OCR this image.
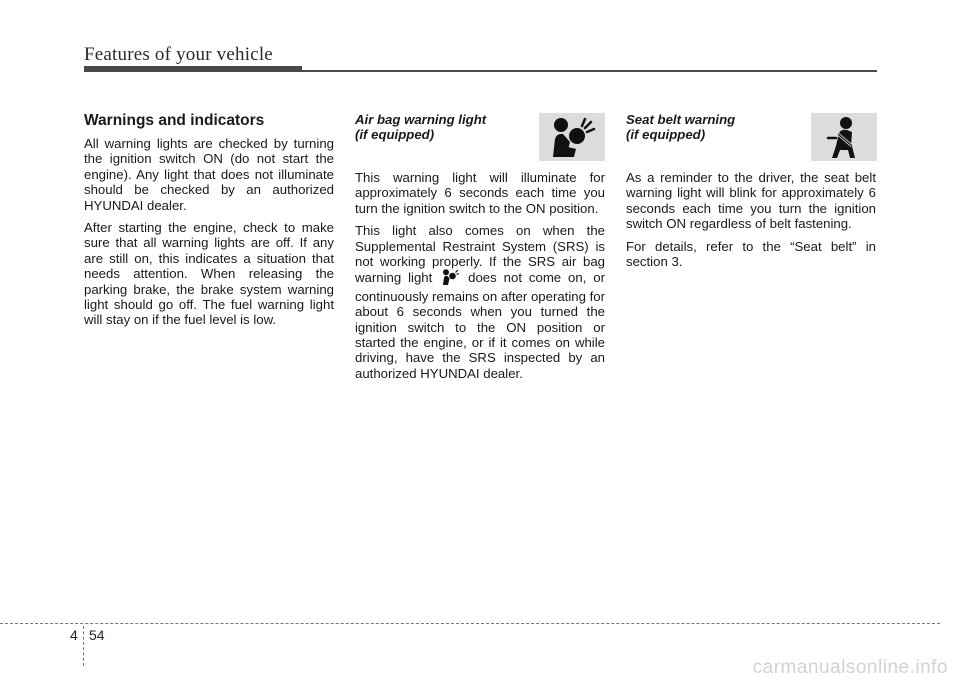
Features of your vehicle
Warnings and indicators

All warning lights are checked by turning the ignition switch ON (do not start the engine). Any light that does not illuminate should be checked by an authorized HYUNDAI dealer.

After starting the engine, check to make sure that all warning lights are off. If any are still on, this indicates a situation that needs attention. When releasing the parking brake, the brake system warning light should go off. The fuel warning light will stay on if the fuel level is low.

Air bag warning light
(if equipped)

This warning light will illuminate for approximately 6 seconds each time you turn the ignition switch to the ON position.

This light also comes on when the Supplemental Restraint System (SRS) is not working properly. If the SRS air bag warning light	does not come on, or continuously remains on after operating for about 6 seconds when you turned the ignition switch to the ON position or started the engine, or if it comes on while driving, have the SRS inspected by an authorized HYUNDAI dealer.

Seat belt warning
(if equipped)

As a reminder to the driver, the seat belt warning light will blink for approximately 6 seconds each time you turn the ignition switch ON regardless of belt fastening.

For details, refer to the “Seat belt” in section 3.

4 54
carmanualsonline.info
